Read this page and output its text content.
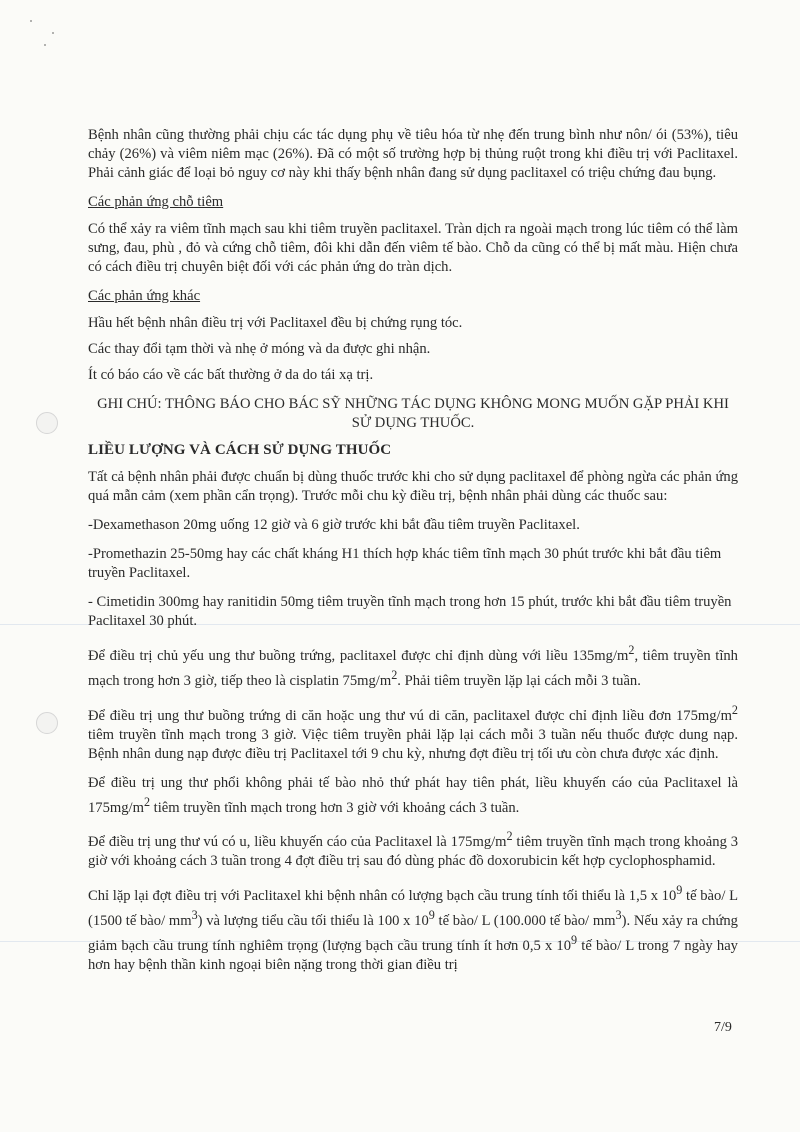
Bệnh nhân cũng thường phải chịu các tác dụng phụ về tiêu hóa từ nhẹ đến trung bình như nôn/ ói (53%), tiêu chảy (26%) và viêm niêm mạc (26%). Đã có một số trường hợp bị thủng ruột trong khi điều trị với Paclitaxel. Phải cảnh giác để loại bỏ nguy cơ này khi thấy bệnh nhân đang sử dụng paclitaxel có triệu chứng đau bụng.

Các phản ứng chỗ tiêm

Có thể xảy ra viêm tĩnh mạch sau khi tiêm truyền paclitaxel. Tràn dịch ra ngoài mạch trong lúc tiêm có thể làm sưng, đau, phù , đỏ và cứng chỗ tiêm, đôi khi dẫn đến viêm tế bào. Chỗ da cũng có thể bị mất màu. Hiện chưa có cách điều trị chuyên biệt đối với các phản ứng do tràn dịch.

Các phản ứng khác

Hầu hết bệnh nhân điều trị với Paclitaxel đều bị chứng rụng tóc.

Các thay đổi tạm thời và nhẹ ở móng và da được ghi nhận.

Ít có báo cáo về các bất thường ở da do tái xạ trị.

GHI CHÚ: THÔNG BÁO CHO BÁC SỸ NHỮNG TÁC DỤNG KHÔNG MONG MUỐN GẶP PHẢI KHI SỬ DỤNG THUỐC.

LIỀU LƯỢNG VÀ CÁCH SỬ DỤNG THUỐC

Tất cả bệnh nhân phải được chuẩn bị dùng thuốc trước khi cho sử dụng paclitaxel để phòng ngừa các phản ứng quá mẫn cảm (xem phần cẩn trọng). Trước mỗi chu kỳ điều trị, bệnh nhân phải dùng các thuốc sau:

-Dexamethason 20mg uống 12 giờ và 6 giờ trước khi bắt đầu tiêm truyền Paclitaxel.

-Promethazin 25-50mg hay các chất kháng H1 thích hợp khác tiêm tĩnh mạch 30 phút trước khi bắt đầu tiêm truyền Paclitaxel.

- Cimetidin 300mg hay ranitidin 50mg tiêm truyền tĩnh mạch trong hơn 15 phút, trước khi bắt đầu tiêm truyền Paclitaxel 30 phút.

Để điều trị chủ yếu ung thư buồng trứng, paclitaxel được chỉ định dùng với liều $135mg/m^2$, tiêm truyền tĩnh mạch trong hơn 3 giờ, tiếp theo là cisplatin $75mg/m^2$. Phải tiêm truyền lặp lại cách mỗi 3 tuần.

Để điều trị ung thư buồng trứng di căn hoặc ung thư vú di căn, paclitaxel được chỉ định liều đơn $175mg/m^2$ tiêm truyền tĩnh mạch trong 3 giờ. Việc tiêm truyền phải lặp lại cách mỗi 3 tuần nếu thuốc được dung nạp. Bệnh nhân dung nạp được điều trị Paclitaxel tới 9 chu kỳ, nhưng đợt điều trị tối ưu còn chưa được xác định.

Để điều trị ung thư phổi không phải tế bào nhỏ thứ phát hay tiên phát, liều khuyến cáo của Paclitaxel là $175mg/m^2$ tiêm truyền tĩnh mạch trong hơn 3 giờ với khoảng cách 3 tuần.

Để điều trị ung thư vú có u, liều khuyến cáo của Paclitaxel là $175mg/m^2$ tiêm truyền tĩnh mạch trong khoảng 3 giờ với khoảng cách 3 tuần trong 4 đợt điều trị sau đó dùng phác đồ doxorubicin kết hợp cyclophosphamid.

Chỉ lặp lại đợt điều trị với Paclitaxel khi bệnh nhân có lượng bạch cầu trung tính tối thiểu là 1,5 x $10^9$ tế bào/ L (1500 tế bào/ $mm^3$) và lượng tiểu cầu tối thiểu là 100 x $10^9$ tế bào/ L (100.000 tế bào/ $mm^3$). Nếu xảy ra chứng giảm bạch cầu trung tính nghiêm trọng (lượng bạch cầu trung tính ít hơn 0,5 x $10^9$ tế bào/ L trong 7 ngày hay hơn hay bệnh thần kinh ngoại biên nặng trong thời gian điều trị

7/9
